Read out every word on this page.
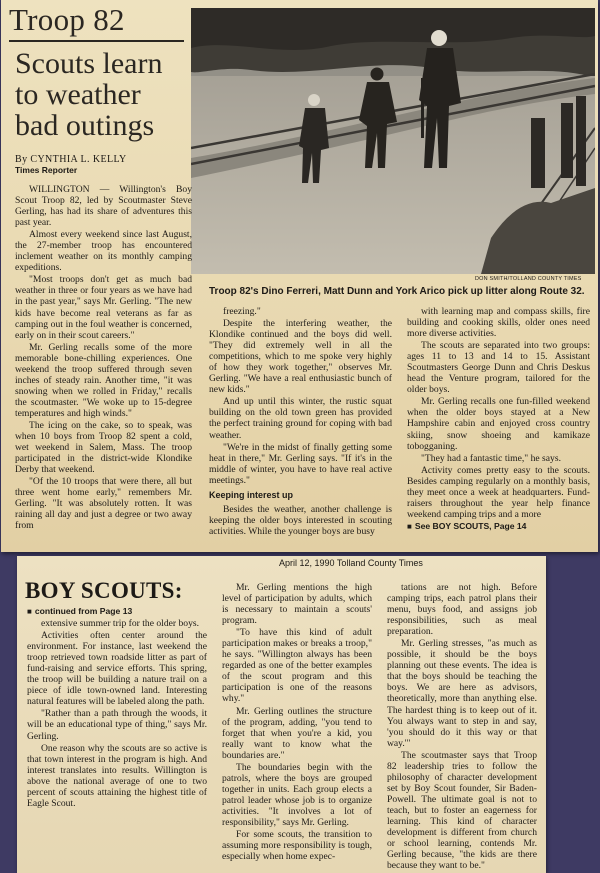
Troop 82
Scouts learn to weather bad outings
By CYNTHIA L. KELLY
Times Reporter
DON SMITH/TOLLAND COUNTY TIMES
Troop 82's Dino Ferreri, Matt Dunn and York Arico pick up litter along Route 32.

WILLINGTON — Willington's Boy Scout Troop 82, led by Scoutmaster Steve Gerling, has had its share of adventures this past year.

Almost every weekend since last August, the 27-member troop has encountered inclement weather on its monthly camping expeditions.

"Most troops don't get as much bad weather in three or four years as we have had in the past year," says Mr. Gerling. "The new kids have become real veterans as far as camping out in the foul weather is concerned, early on in their scout careers."

Mr. Gerling recalls some of the more memorable bone-chilling experiences. One weekend the troop suffered through seven inches of steady rain. Another time, "it was snowing when we rolled in Friday," recalls the scoutmaster. "We woke up to 15-degree temperatures and high winds."

The icing on the cake, so to speak, was when 10 boys from Troop 82 spent a cold, wet weekend in Salem, Mass. The troop participated in the district-wide Klondike Derby that weekend.

"Of the 10 troops that were there, all but three went home early," remembers Mr. Gerling. "It was absolutely rotten. It was raining all day and just a degree or two away from

freezing."

Despite the interfering weather, the Klondike continued and the boys did well. "They did extremely well in all the competitions, which to me spoke very highly of how they work together," observes Mr. Gerling. "We have a real enthusiastic bunch of new kids."

And up until this winter, the rustic squat building on the old town green has provided the perfect training ground for coping with bad weather.

"We're in the midst of finally getting some heat in there," Mr. Gerling says. "If it's in the middle of winter, you have to have real active meetings."

Keeping interest up

Besides the weather, another challenge is keeping the older boys interested in scouting activities. While the younger boys are busy

with learning map and compass skills, fire building and cooking skills, older ones need more diverse activities.

The scouts are separated into two groups: ages 11 to 13 and 14 to 15. Assistant Scoutmasters George Dunn and Chris Deskus head the Venture program, tailored for the older boys.

Mr. Gerling recalls one fun-filled weekend when the older boys stayed at a New Hampshire cabin and enjoyed cross country skiing, snow shoeing and kamikaze tobogganing.

"They had a fantastic time," he says.

Activity comes pretty easy to the scouts. Besides camping regularly on a monthly basis, they meet once a week at headquarters. Fund-raisers throughout the year help finance weekend camping trips and a more

■ See BOY SCOUTS, Page 14

April 12, 1990 Tolland County Times
BOY SCOUTS:

■ continued from Page 13

extensive summer trip for the older boys.

Activities often center around the environment. For instance, last weekend the troop retrieved town roadside litter as part of fund-raising and service efforts. This spring, the troop will be building a nature trail on a piece of idle town-owned land. Interesting natural features will be labeled along the path.

"Rather than a path through the woods, it will be an educational type of thing," says Mr. Gerling.

One reason why the scouts are so active is that town interest in the program is high. And interest translates into results. Willington is above the national average of one to two percent of scouts attaining the highest title of Eagle Scout.

Mr. Gerling mentions the high level of participation by adults, which is necessary to maintain a scouts' program.

"To have this kind of adult participation makes or breaks a troop," he says. "Willington always has been regarded as one of the better examples of the scout program and this participation is one of the reasons why."

Mr. Gerling outlines the structure of the program, adding, "you tend to forget that when you're a kid, you really want to know what the boundaries are."

The boundaries begin with the patrols, where the boys are grouped together in units. Each group elects a patrol leader whose job is to organize activities. "It involves a lot of responsibility," says Mr. Gerling.

For some scouts, the transition to assuming more responsibility is tough, especially when home expec-

tations are not high. Before camping trips, each patrol plans their menu, buys food, and assigns job responsibilities, such as meal preparation.

Mr. Gerling stresses, "as much as possible, it should be the boys planning out these events. The idea is that the boys should be teaching the boys. We are here as advisors, theoretically, more than anything else. The hardest thing is to keep out of it. You always want to step in and say, 'you should do it this way or that way.'"

The scoutmaster says that Troop 82 leadership tries to follow the philosophy of character development set by Boy Scout founder, Sir Baden-Powell. The ultimate goal is not to teach, but to foster an eagerness for learning. This kind of character development is different from church or school learning, contends Mr. Gerling because, "the kids are there because they want to be."
